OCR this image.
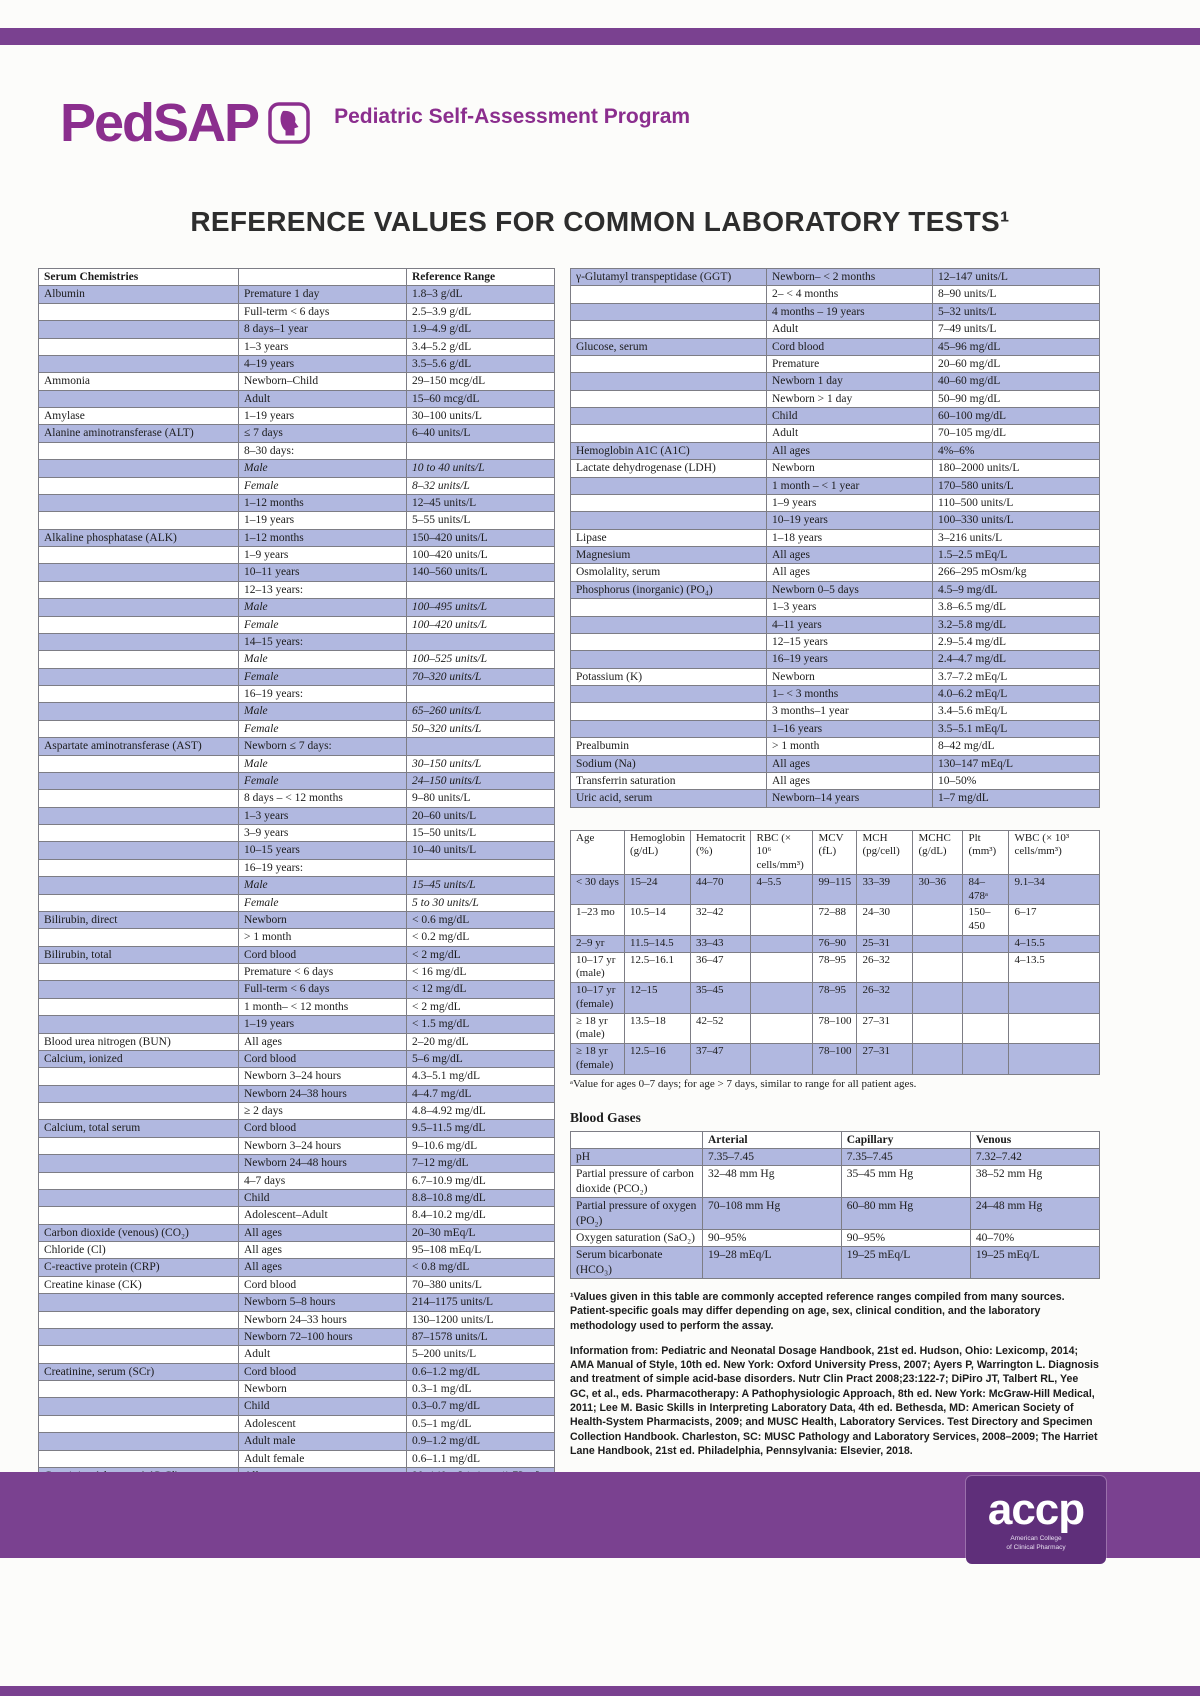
PedSAP	Pediatric Self-Assessment Program
REFERENCE VALUES FOR COMMON LABORATORY TESTS¹
Serum Chemistries		Reference Range
Albumin	Premature 1 day	1.8–3 g/dL
	Full-term < 6 days	2.5–3.9 g/dL
	8 days–1 year	1.9–4.9 g/dL
	1–3 years	3.4–5.2 g/dL
	4–19 years	3.5–5.6 g/dL
Ammonia	Newborn–Child	29–150 mcg/dL
	Adult	15–60 mcg/dL
Amylase	1–19 years	30–100 units/L
Alanine aminotransferase (ALT)	≤ 7 days	6–40 units/L
	8–30 days:	
	Male	10 to 40 units/L
	Female	8–32 units/L
	1–12 months	12–45 units/L
	1–19 years	5–55 units/L
Alkaline phosphatase (ALK)	1–12 months	150–420 units/L
	1–9 years	100–420 units/L
	10–11 years	140–560 units/L
	12–13 years:	
	Male	100–495 units/L
	Female	100–420 units/L
	14–15 years:	
	Male	100–525 units/L
	Female	70–320 units/L
	16–19 years:	
	Male	65–260 units/L
	Female	50–320 units/L
Aspartate aminotransferase (AST)	Newborn ≤ 7 days:	
	Male	30–150 units/L
	Female	24–150 units/L
	8 days – < 12 months	9–80 units/L
	1–3 years	20–60 units/L
	3–9 years	15–50 units/L
	10–15 years	10–40 units/L
	16–19 years:	
	Male	15–45 units/L
	Female	5 to 30 units/L
Bilirubin, direct	Newborn	< 0.6 mg/dL
	> 1 month	< 0.2 mg/dL
Bilirubin, total	Cord blood	< 2 mg/dL
	Premature < 6 days	< 16 mg/dL
	Full-term < 6 days	< 12 mg/dL
	1 month– < 12 months	< 2 mg/dL
	1–19 years	< 1.5 mg/dL
Blood urea nitrogen (BUN)	All ages	2–20 mg/dL
Calcium, ionized	Cord blood	5–6 mg/dL
	Newborn 3–24 hours	4.3–5.1 mg/dL
	Newborn 24–38 hours	4–4.7 mg/dL
	≥ 2 days	4.8–4.92 mg/dL
Calcium, total serum	Cord blood	9.5–11.5 mg/dL
	Newborn 3–24 hours	9–10.6 mg/dL
	Newborn 24–48 hours	7–12 mg/dL
	4–7 days	6.7–10.9 mg/dL
	Child	8.8–10.8 mg/dL
	Adolescent–Adult	8.4–10.2 mg/dL
Carbon dioxide (venous) (CO₂)	All ages	20–30 mEq/L
Chloride (Cl)	All ages	95–108 mEq/L
C-reactive protein (CRP)	All ages	< 0.8 mg/dL
Creatine kinase (CK)	Cord blood	70–380 units/L
	Newborn 5–8 hours	214–1175 units/L
	Newborn 24–33 hours	130–1200 units/L
	Newborn 72–100 hours	87–1578 units/L
	Adult	5–200 units/L
Creatinine, serum (SCr)	Cord blood	0.6–1.2 mg/dL
	Newborn	0.3–1 mg/dL
	Child	0.3–0.7 mg/dL
	Adolescent	0.5–1 mg/dL
	Adult male	0.9–1.2 mg/dL
	Adult female	0.6–1.1 mg/dL

γ-Glutamyl transpeptidase (GGT)	Newborn– < 2 months	12–147 units/L
	2– < 4 months	8–90 units/L
	4 months – 19 years	5–32 units/L
	Adult	7–49 units/L
Glucose, serum	Cord blood	45–96 mg/dL
	Premature	20–60 mg/dL
	Newborn 1 day	40–60 mg/dL
	Newborn > 1 day	50–90 mg/dL
	Child	60–100 mg/dL
	Adult	70–105 mg/dL
Hemoglobin A1C (A1C)	All ages	4%–6%
Lactate dehydrogenase (LDH)	Newborn	180–2000 units/L
	1 month – < 1 year	170–580 units/L
	1–9 years	110–500 units/L
	10–19 years	100–330 units/L
Lipase	1–18 years	3–216 units/L
Magnesium	All ages	1.5–2.5 mEq/L
Osmolality, serum	All ages	266–295 mOsm/kg
Phosphorus (inorganic) (PO₄)	Newborn 0–5 days	4.5–9 mg/dL
	1–3 years	3.8–6.5 mg/dL
	4–11 years	3.2–5.8 mg/dL
	12–15 years	2.9–5.4 mg/dL
	16–19 years	2.4–4.7 mg/dL
Potassium (K)	Newborn	3.7–7.2 mEq/L
	1– < 3 months	4.0–6.2 mEq/L
	3 months–1 year	3.4–5.6 mEq/L
	1–16 years	3.5–5.1 mEq/L
Prealbumin	> 1 month	8–42 mg/dL
Sodium (Na)	All ages	130–147 mEq/L
Transferrin saturation	All ages	10–50%
Uric acid, serum	Newborn–14 years	1–7 mg/dL
Age	Hemoglobin (g/dL)	Hematocrit (%)	RBC (× 10⁶ cells/mm³)	MCV (fL)	MCH (pg/cell)	MCHC (g/dL)	Plt (mm³)	WBC (× 10³ cells/mm³)
< 30 days	15–24	44–70	4–5.5	99–115	33–39	30–36	84–478ᵃ	9.1–34
1–23 mo	10.5–14	32–42		72–88	24–30		150–450	6–17
2–9 yr	11.5–14.5	33–43		76–90	25–31			4–15.5
10–17 yr (male)	12.5–16.1	36–47		78–95	26–32			4–13.5
10–17 yr (female)	12–15	35–45		78–95	26–32			
≥ 18 yr (male)	13.5–18	42–52		78–100	27–31			
≥ 18 yr (female)	12.5–16	37–47		78–100	27–31			
ᵃValue for ages 0–7 days; for age > 7 days, similar to range for all patient ages.
Blood Gases
	Arterial	Capillary	Venous
pH	7.35–7.45	7.35–7.45	7.32–7.42
Partial pressure of carbon dioxide (PCO₂)	32–48 mm Hg	35–45 mm Hg	38–52 mm Hg
Partial pressure of oxygen (PO₂)	70–108 mm Hg	60–80 mm Hg	24–48 mm Hg
Oxygen saturation (SaO₂)	90–95%	90–95%	40–70%
Serum bicarbonate (HCO₃)	19–28 mEq/L	19–25 mEq/L	19–25 mEq/L

¹Values given in this table are commonly accepted reference ranges compiled from many sources. Patient-specific goals may differ depending on age, sex, clinical condition, and the laboratory methodology used to perform the assay.

Information from: Pediatric and Neonatal Dosage Handbook, 21st ed. Hudson, Ohio: Lexicomp, 2014; AMA Manual of Style, 10th ed. New York: Oxford University Press, 2007; Ayers P, Warrington L. Diagnosis and treatment of simple acid-base disorders. Nutr Clin Pract 2008;23:122-7; DiPiro JT, Talbert RL, Yee GC, et al., eds. Pharmacotherapy: A Pathophysiologic Approach, 8th ed. New York: McGraw-Hill Medical, 2011; Lee M. Basic Skills in Interpreting Laboratory Data, 4th ed. Bethesda, MD: American Society of Health-System Pharmacists, 2009; and MUSC Health, Laboratory Services. Test Directory and Specimen Collection Handbook. Charleston, SC: MUSC Pathology and Laboratory Services, 2008–2009; The Harriet Lane Handbook, 21st ed. Philadelphia, Pennsylvania: Elsevier, 2018.

accp
American College
of Clinical Pharmacy
